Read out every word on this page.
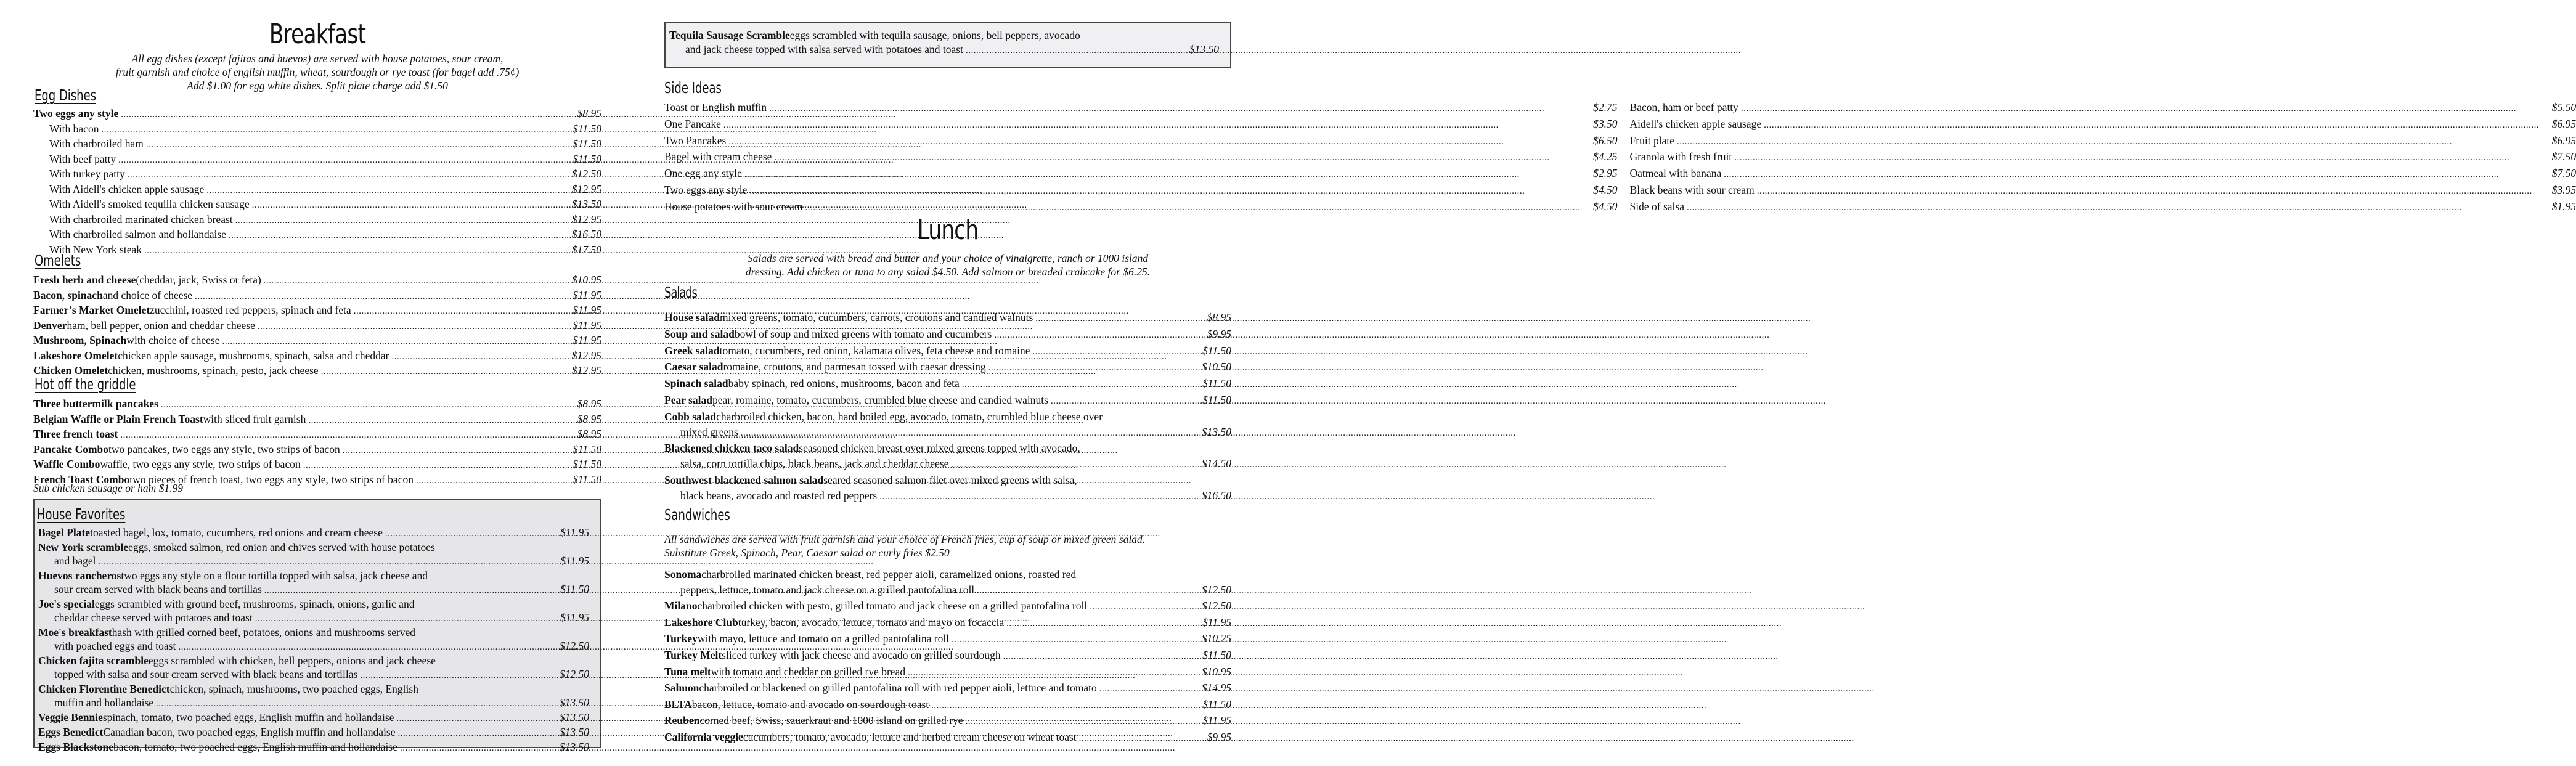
Breakfast
All egg dishes (except fajitas and huevos) are served with house potatoes, sour cream,
fruit garnish and choice of english muffin, wheat, sourdough or rye toast (for bagel add .75¢)
Add $1.00 for egg white dishes. Split plate charge add $1.50
Egg Dishes
Two eggs any style .....	$8.95
With bacon .....	$11.50
With charbroiled ham .....	$11.50
With beef patty .....	$11.50
With turkey patty .....	$12.50
With Aidell's chicken apple sausage .....	$12.95
With Aidell's smoked tequilla chicken sausage .....	$13.50
With charbroiled marinated chicken breast .....	$12.95
With charbroiled salmon and hollandaise .....	$16.50
With New York steak .....	$17.50
Omelets
Fresh herb and cheese (cheddar, jack, Swiss or feta) .....	$10.95
Bacon, spinach and choice of cheese .....	$11.95
Farmer’s Market Omelet zucchini, roasted red peppers, spinach and feta .....	$11.95
Denver ham, bell pepper, onion and cheddar cheese .....	$11.95
Mushroom, Spinach with choice of cheese .....	$11.95
Lakeshore Omelet chicken apple sausage, mushrooms, spinach, salsa and cheddar .....	$12.95
Chicken Omelet chicken, mushrooms, spinach, pesto, jack cheese .....	$12.95
Hot off the griddle
Three buttermilk pancakes .....	$8.95
Belgian Waffle or Plain French Toast with sliced fruit garnish .....	$8.95
Three french toast .....	$8.95
Pancake Combo two pancakes, two eggs any style, two strips of bacon .....	$11.50
Waffle Combo waffle, two eggs any style, two strips of bacon .....	$11.50
French Toast Combo two pieces of french toast, two eggs any style, two strips of bacon .....	$11.50
Sub chicken sausage or ham $1.99
House Favorites
Bagel Plate toasted bagel, lox, tomato, cucumbers, red onions and cream cheese .....	$11.95
New York scramble eggs, smoked salmon, red onion and chives served with house potatoes
and bagel .....	$11.95
Huevos rancheros two eggs any style on a flour tortilla topped with salsa, jack cheese and
sour cream served with black beans and tortillas .....	$11.50
Joe's special eggs scrambled with ground beef, mushrooms, spinach, onions, garlic and
cheddar cheese served with potatoes and toast .....	$11.95
Moe's breakfast hash with grilled corned beef, potatoes, onions and mushrooms served
with poached eggs and toast .....	$12.50
Chicken fajita scramble eggs scrambled with chicken, bell peppers, onions and jack cheese
topped with salsa and sour cream served with black beans and tortillas .....	$12.50
Chicken Florentine Benedict chicken, spinach, mushrooms, two poached eggs, English
muffin and hollandaise .....	$13.50
Veggie Bennie spinach, tomato, two poached eggs, English muffin and hollandaise .....	$13.50
Eggs Benedict Canadian bacon, two poached eggs, English muffin and hollandaise .....	$13.50
Eggs Blackstone bacon, tomato, two poached eggs, English muffin and hollandaise .....	$13.50
Tequila Sausage Scramble eggs scrambled with tequila sausage, onions, bell peppers, avocado
and jack cheese topped with salsa served with potatoes and toast .....	$13.50
Side Ideas
Toast or English muffin .....	$2.75
One Pancake .....	$3.50
Two Pancakes .....	$6.50
Bagel with cream cheese .....	$4.25
One egg any style .....	$2.95
Two eggs any style .....	$4.50
House potatoes with sour cream .....	$4.50
Bacon, ham or beef patty .....	$5.50
Aidell's chicken apple sausage .....	$6.95
Fruit plate .....	$6.95
Granola with fresh fruit .....	$7.50
Oatmeal with banana .....	$7.50
Black beans with sour cream .....	$3.95
Side of salsa .....	$1.95
Lunch
Salads are served with bread and butter and your choice of vinaigrette, ranch or 1000 island
dressing. Add chicken or tuna to any salad $4.50. Add salmon or breaded crabcake for $6.25.
Salads
House salad mixed greens, tomato, cucumbers, carrots, croutons and candied walnuts .....	$8.95
Soup and salad bowl of soup and mixed greens with tomato and cucumbers .....	$9.95
Greek salad tomato, cucumbers, red onion, kalamata olives, feta cheese and romaine .....	$11.50
Caesar salad romaine, croutons, and parmesan tossed with caesar dressing .....	$10.50
Spinach salad baby spinach, red onions, mushrooms, bacon and feta .....	$11.50
Pear salad pear, romaine, tomato, cucumbers, crumbled blue cheese and candied walnuts .....	$11.50
Cobb salad charbroiled chicken, bacon, hard boiled egg, avocado, tomato, crumbled blue cheese over
mixed greens .....	$13.50
Blackened chicken taco salad seasoned chicken breast over mixed greens topped with avocado,
salsa, corn tortilla chips, black beans, jack and cheddar cheese .....	$14.50
Southwest blackened salmon salad seared seasoned salmon filet over mixed greens with salsa,
black beans, avocado and roasted red peppers .....	$16.50
Sandwiches
All sandwiches are served with fruit garnish and your choice of French fries, cup of soup or mixed green salad.
Substitute Greek, Spinach, Pear, Caesar salad or curly fries $2.50
Sonoma charbroiled marinated chicken breast, red pepper aioli, caramelized onions, roasted red
peppers, lettuce, tomato and jack cheese on a grilled pantofalina roll .....	$12.50
Milano charbroiled chicken with pesto, grilled tomato and jack cheese on a grilled pantofalina roll .....	$12.50
Lakeshore Club turkey, bacon, avocado, lettuce, tomato and mayo on focaccia .....	$11.95
Turkey with mayo, lettuce and tomato on a grilled pantofalina roll .....	$10.25
Turkey Melt sliced turkey with jack cheese and avocado on grilled sourdough .....	$11.50
Tuna melt with tomato and cheddar on grilled rye bread .....	$10.95
Salmon charbroiled or blackened on grilled pantofalina roll with red pepper aioli, lettuce and tomato .....	$14.95
BLTA bacon, lettuce, tomato and avocado on sourdough toast .....	$11.50
Reuben corned beef, Swiss, sauerkraut and 1000 island on grilled rye .....	$11.95
California veggie cucumbers, tomato, avocado, lettuce and herbed cream cheese on wheat toast .....	$9.95
